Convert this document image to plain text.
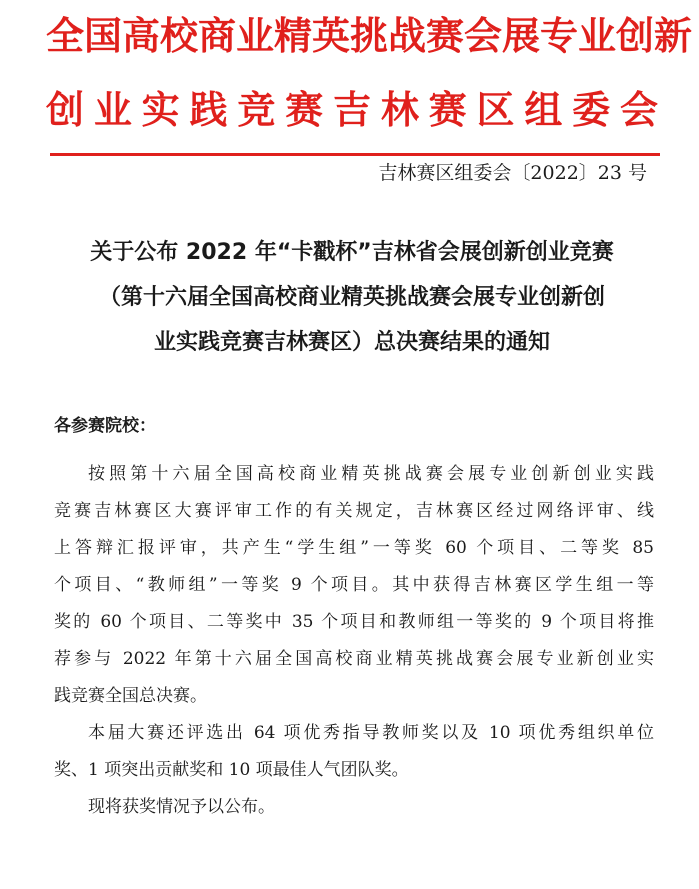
全国高校商业精英挑战赛会展专业创新
创业实践竞赛吉林赛区组委会
吉林赛区组委会〔2022〕23 号
关于公布 2022 年“卡戳杯”吉林省会展创新创业竞赛
（第十六届全国高校商业精英挑战赛会展专业创新创
业实践竞赛吉林赛区）总决赛结果的通知
各参赛院校：
按照第十六届全国高校商业精英挑战赛会展专业创新创业实践
竞赛吉林赛区大赛评审工作的有关规定，吉林赛区经过网络评审、线
上答辩汇报评审，共产生“学生组”一等奖 60 个项目、二等奖 85
个项目、“教师组”一等奖 9 个项目。其中获得吉林赛区学生组一等
奖的 60 个项目、二等奖中 35 个项目和教师组一等奖的 9 个项目将推
荐参与 2022 年第十六届全国高校商业精英挑战赛会展专业新创业实
践竞赛全国总决赛。
本届大赛还评选出 64 项优秀指导教师奖以及 10 项优秀组织单位
奖、1 项突出贡献奖和 10 项最佳人气团队奖。
现将获奖情况予以公布。
